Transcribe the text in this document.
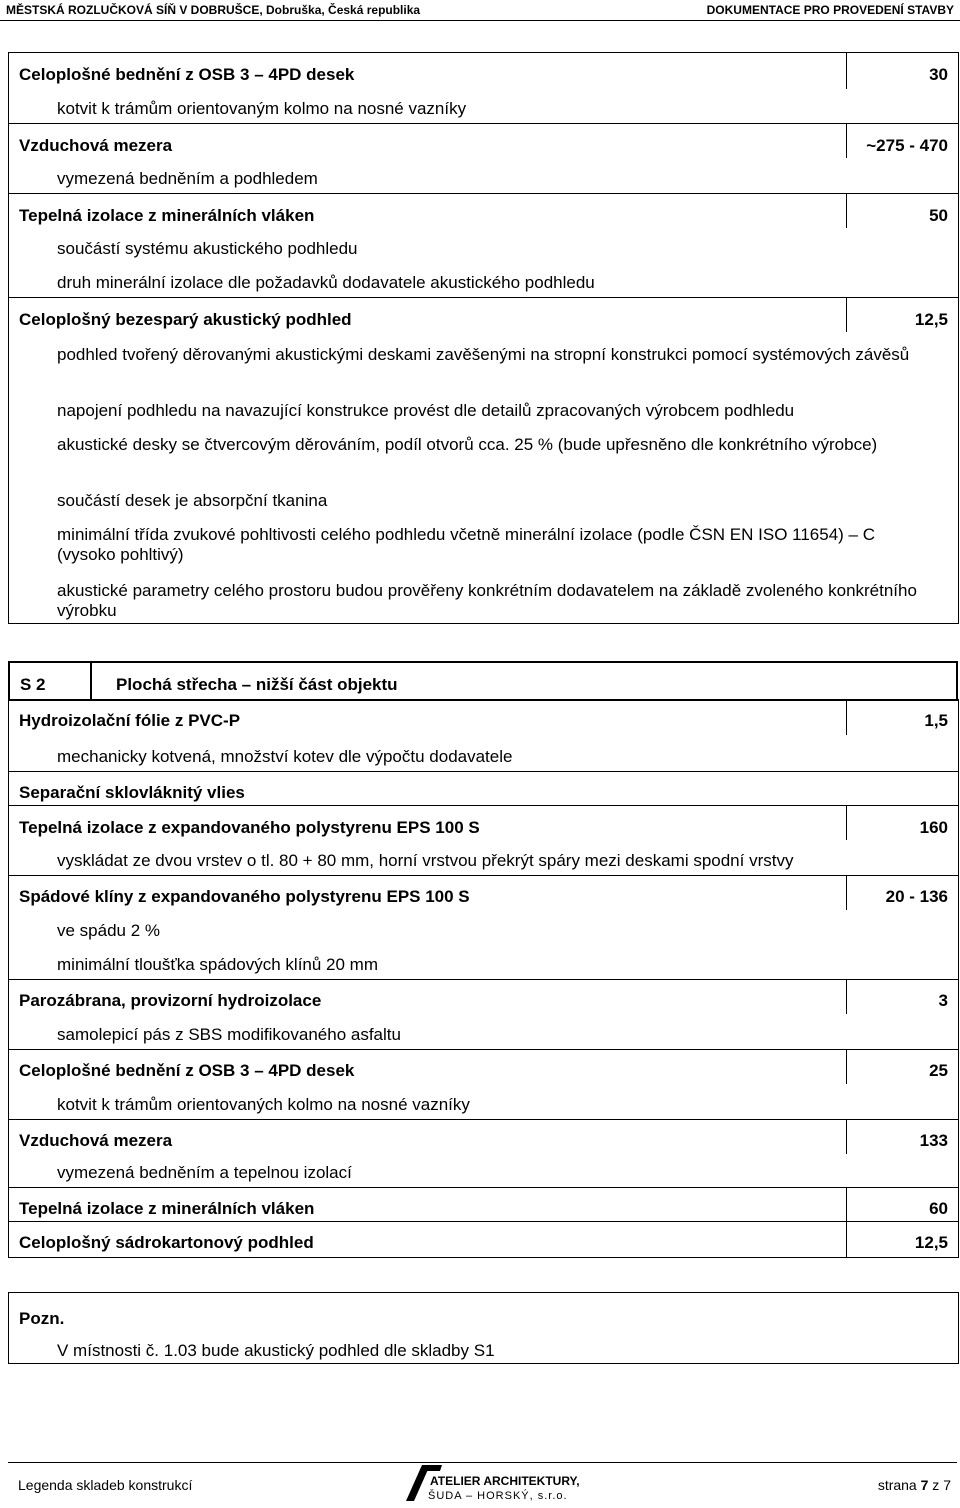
MĚSTSKÁ ROZLUČKOVÁ SÍŇ V DOBRUŠCE, Dobruška, Česká republika	DOKUMENTACE PRO PROVEDENÍ STAVBY
Celoplošné bednění z OSB 3 – 4PD desek	30
kotvit k trámům orientovaným kolmo na nosné vazníky
Vzduchová mezera	~275 - 470
vymezená bedněním a podhledem
Tepelná izolace z minerálních vláken	50
součástí systému akustického podhledu
druh minerální izolace dle požadavků dodavatele akustického podhledu
Celoplošný bezesparý akustický podhled	12,5
podhled tvořený děrovanými akustickými deskami zavěšenými na stropní konstrukci pomocí systémových závěsů
napojení podhledu na navazující konstrukce provést dle detailů zpracovaných výrobcem podhledu
akustické desky se čtvercovým děrováním, podíl otvorů cca. 25 % (bude upřesněno dle konkrétního výrobce)
součástí desek je absorpční tkanina
minimální třída zvukové pohltivosti celého podhledu včetně minerální izolace (podle ČSN EN ISO 11654) – C (vysoko pohltivý)
akustické parametry celého prostoru budou prověřeny konkrétním dodavatelem na základě zvoleného konkrétního výrobku
S 2	Plochá střecha – nižší část objektu
Hydroizolační fólie z PVC-P	1,5
mechanicky kotvená, množství kotev dle výpočtu dodavatele
Separační sklovláknitý vlies
Tepelná izolace z expandovaného polystyrenu EPS 100 S	160
vyskládat ze dvou vrstev o tl. 80 + 80 mm, horní vrstvou překrýt spáry mezi deskami spodní vrstvy
Spádové klíny z expandovaného polystyrenu EPS 100 S	20 - 136
ve spádu 2 %
minimální tloušťka spádových klínů 20 mm
Parozábrana, provizorní hydroizolace	3
samolepicí pás z SBS modifikovaného asfaltu
Celoplošné bednění z OSB 3 – 4PD desek	25
kotvit k trámům orientovaných kolmo na nosné vazníky
Vzduchová mezera	133
vymezená bedněním a tepelnou izolací
Tepelná izolace z minerálních vláken	60
Celoplošný sádrokartonový podhled	12,5
Pozn.
V místnosti č. 1.03 bude akustický podhled dle skladby S1
Legenda skladeb konstrukcí	ATELIER ARCHITEKTURY,
ŠUDA – HORSKÝ, s.r.o.
strana 7 z 7
